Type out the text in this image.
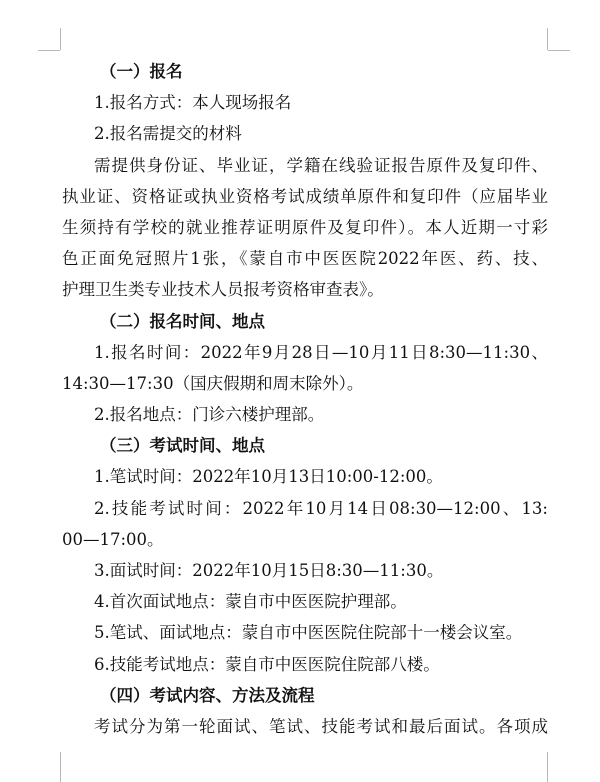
（一）报名
1.报名方式：本人现场报名
2.报名需提交的材料
需提供身份证、毕业证，学籍在线验证报告原件及复印件、
执业证、资格证或执业资格考试成绩单原件和复印件（应届毕业
生须持有学校的就业推荐证明原件及复印件）。本人近期一寸彩
色正面免冠照片1张，《蒙自市中医医院2022年医、药、技、
护理卫生类专业技术人员报考资格审查表》。
（二）报名时间、地点
1.报名时间：2022年9月28日—10月11日8:30—11:30、
14:30—17:30（国庆假期和周末除外）。
2.报名地点：门诊六楼护理部。
（三）考试时间、地点
1.笔试时间：2022年10月13日10:00-12:00。
2.技能考试时间：2022年10月14日08:30—12:00、13:
00—17:00。
3.面试时间：2022年10月15日8:30—11:30。
4.首次面试地点：蒙自市中医医院护理部。
5.笔试、面试地点：蒙自市中医医院住院部十一楼会议室。
6.技能考试地点：蒙自市中医医院住院部八楼。
（四）考试内容、方法及流程
考试分为第一轮面试、笔试、技能考试和最后面试。各项成
